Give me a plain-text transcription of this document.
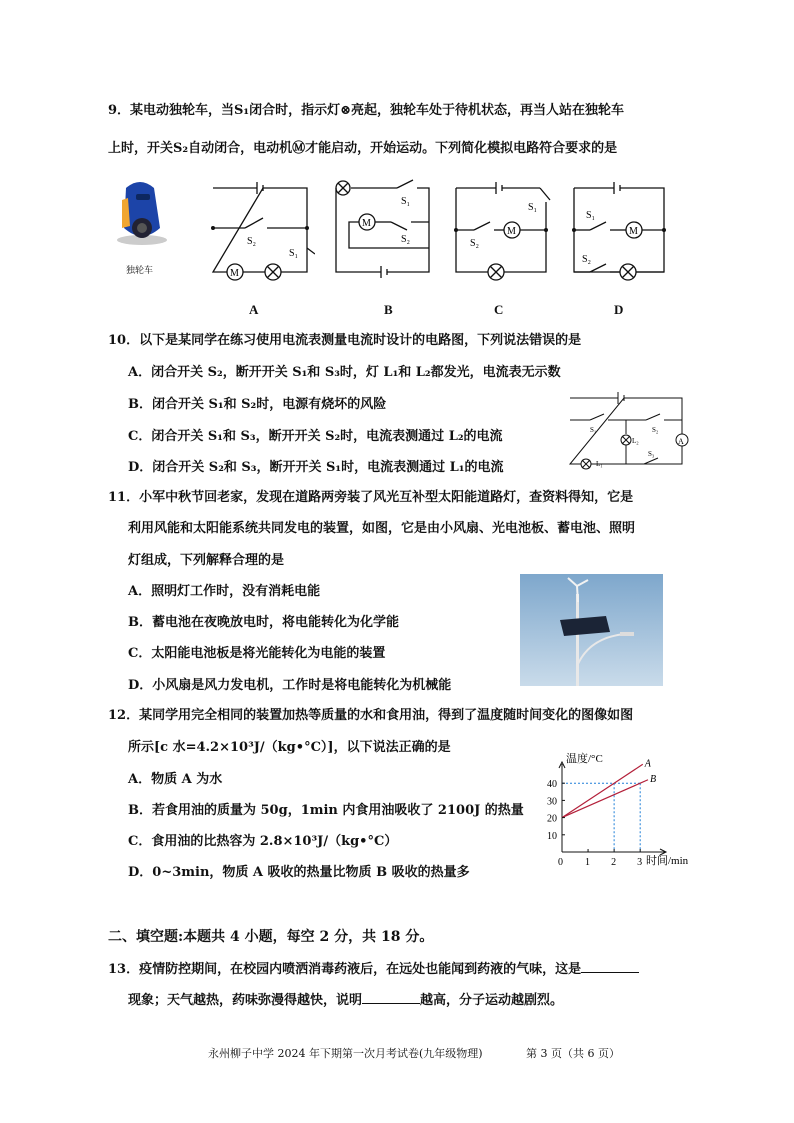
9．某电动独轮车，当S₁闭合时，指示灯⊗亮起，独轮车处于待机状态，再当人站在独轮车
上时，开关S₂自动闭合，电动机Ⓜ才能启动，开始运动。下列简化模拟电路符合要求的是
独轮车
S₂
S₁
M
S₁
S₂
M
S₁
S₂
M
S₁
S₂
M
A	B	C	D
10．以下是某同学在练习使用电流表测量电流时设计的电路图，下列说法错误的是
A．闭合开关 S₂，断开开关 S₁和 S₃时，灯 L₁和 L₂都发光，电流表无示数
B．闭合开关 S₁和 S₂时，电源有烧坏的风险
C．闭合开关 S₁和 S₃，断开开关 S₂时，电流表测通过 L₂的电流
D．闭合开关 S₂和 S₃，断开开关 S₁时，电流表测通过 L₁的电流
S₁	S₂
S₃
L₁
L₂	A
11．小军中秋节回老家，发现在道路两旁装了风光互补型太阳能道路灯，查资料得知，它是
利用风能和太阳能系统共同发电的装置，如图，它是由小风扇、光电池板、蓄电池、照明
灯组成，下列解释合理的是
A．照明灯工作时，没有消耗电能
B．蓄电池在夜晚放电时，将电能转化为化学能
C．太阳能电池板是将光能转化为电能的装置
D．小风扇是风力发电机，工作时是将电能转化为机械能
12．某同学用完全相同的装置加热等质量的水和食用油，得到了温度随时间变化的图像如图
所示[c 水=4.2×10³J/（kg•°C）]，以下说法正确的是
A．物质 A 为水
B．若食用油的质量为 50g，1min 内食用油吸收了 2100J 的热量
C．食用油的比热容为 2.8×10³J/（kg•°C）
D．0~3min，物质 A 吸收的热量比物质 B 吸收的热量多
A
B
0 1 2 3
10
20
30
40
温度/°C
时间/min
二、填空题:本题共 4 小题，每空 2 分，共 18 分。
13．疫情防控期间，在校园内喷洒消毒药液后，在远处也能闻到药液的气味，这是
现象；天气越热，药味弥漫得越快，说明	越高，分子运动越剧烈。
永州柳子中学 2024 年下期第一次月考试卷(九年级物理)	第 3 页（共 6 页）
